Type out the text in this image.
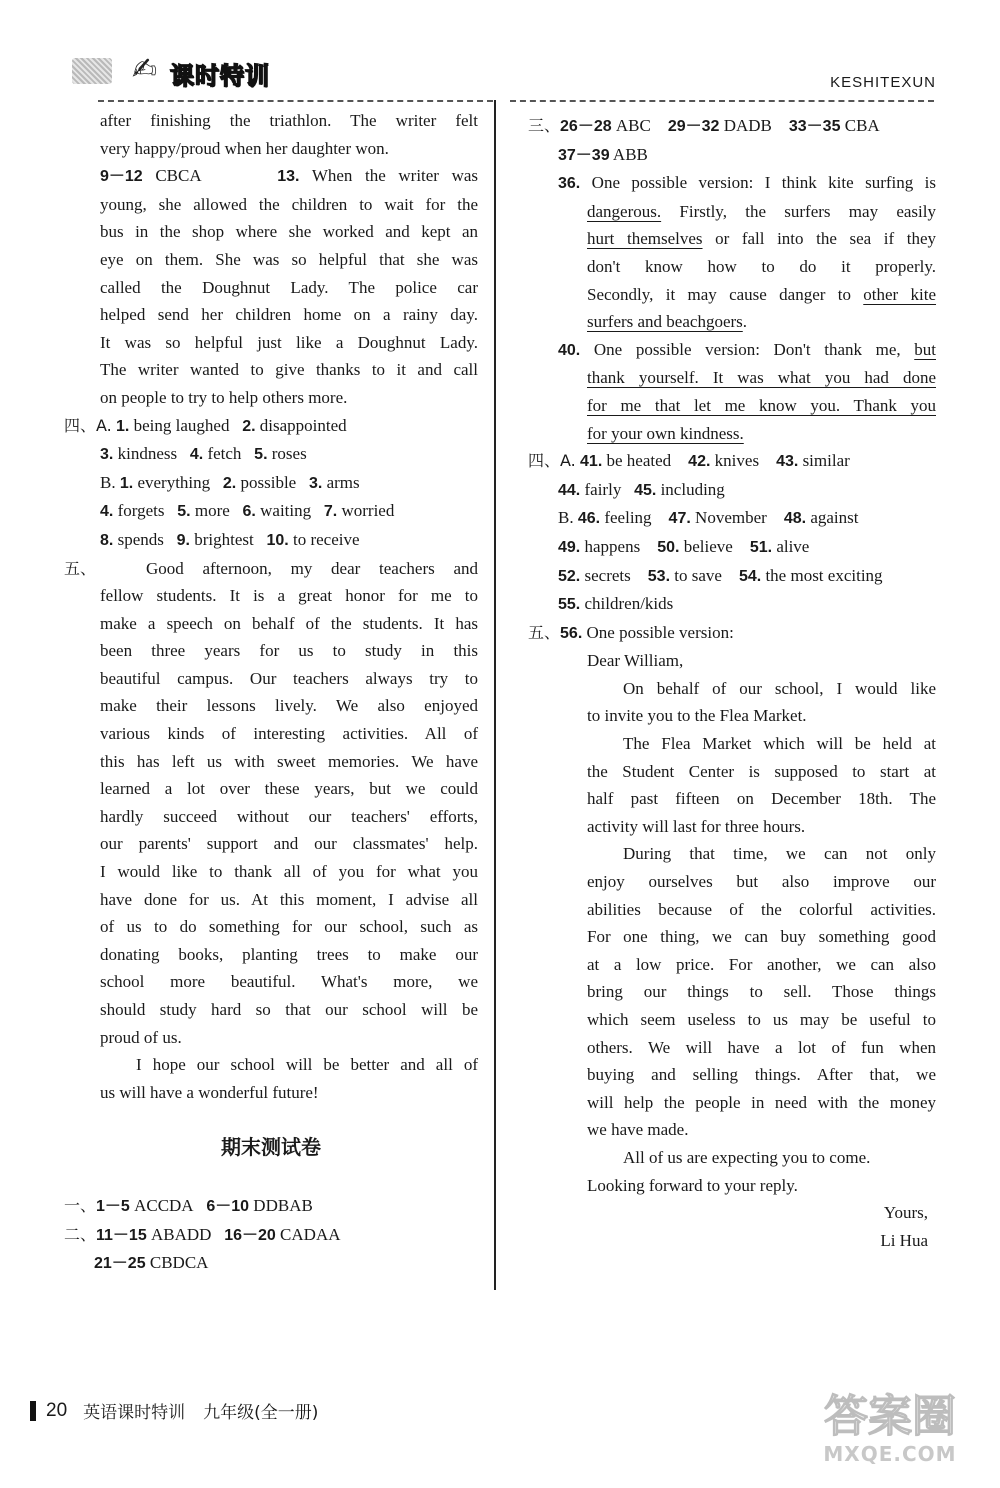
✍ 课时特训	KESHITEXUN

after finishing the triathlon. The writer felt

very happy/proud when her daughter won.

9－12 CBCA	13. When the writer was

young, she allowed the children to wait for the

bus in the shop where she worked and kept an

eye on them. She was so helpful that she was

called the Doughnut Lady. The police car

helped send her children home on a rainy day.

It was so helpful just like a Doughnut Lady.

The writer wanted to give thanks to it and call

on people to try to help others more.

四、A. 1. being laughed 2. disappointed

3. kindness 4. fetch 5. roses

B. 1. everything 2. possible 3. arms

4. forgets 5. more 6. waiting 7. worried

8. spends 9. brightest 10. to receive

五、	Good afternoon, my dear teachers and

fellow students. It is a great honor for me to

make a speech on behalf of the students. It has

been three years for us to study in this

beautiful campus. Our teachers always try to

make their lessons lively. We also enjoyed

various kinds of interesting activities. All of

this has left us with sweet memories. We have

learned a lot over these years, but we could

hardly succeed without our teachers' efforts,

our parents' support and our classmates' help.

I would like to thank all of you for what you

have done for us. At this moment, I advise all

of us to do something for our school, such as

donating books, planting trees to make our

school more beautiful. What's more, we

should study hard so that our school will be

proud of us.

I hope our school will be better and all of

us will have a wonderful future!

期末测试卷

一、1－5 ACCDA 6－10 DDBAB

二、11－15 ABADD 16－20 CADAA

21－25 CBDCA

三、26－28 ABC 29－32 DADB 33－35 CBA

37－39 ABB

36. One possible version: I think kite surfing is

dangerous. Firstly, the surfers may easily

hurt themselves or fall into the sea if they

don't know how to do it properly.

Secondly, it may cause danger to other kite

surfers and beachgoers.

40. One possible version: Don't thank me, but

thank yourself. It was what you had done

for me that let me know you. Thank you

for your own kindness.

四、A. 41. be heated 42. knives 43. similar

44. fairly 45. including

B. 46. feeling 47. November 48. against

49. happens 50. believe 51. alive

52. secrets 53. to save 54. the most exciting

55. children/kids

五、56. One possible version:

Dear William,

On behalf of our school, I would like

to invite you to the Flea Market.

The Flea Market which will be held at

the Student Center is supposed to start at

half past fifteen on December 18th. The

activity will last for three hours.

During that time, we can not only

enjoy ourselves but also improve our

abilities because of the colorful activities.

For one thing, we can buy something good

at a low price. For another, we can also

bring our things to sell. Those things

which seem useless to us may be useful to

others. We will have a lot of fun when

buying and selling things. After that, we

will help the people in need with the money

we have made.

All of us are expecting you to come.

Looking forward to your reply.

Yours,

Li Hua

20 英语课时特训 九年级(全一册)	答案圈
MXQE.COM
